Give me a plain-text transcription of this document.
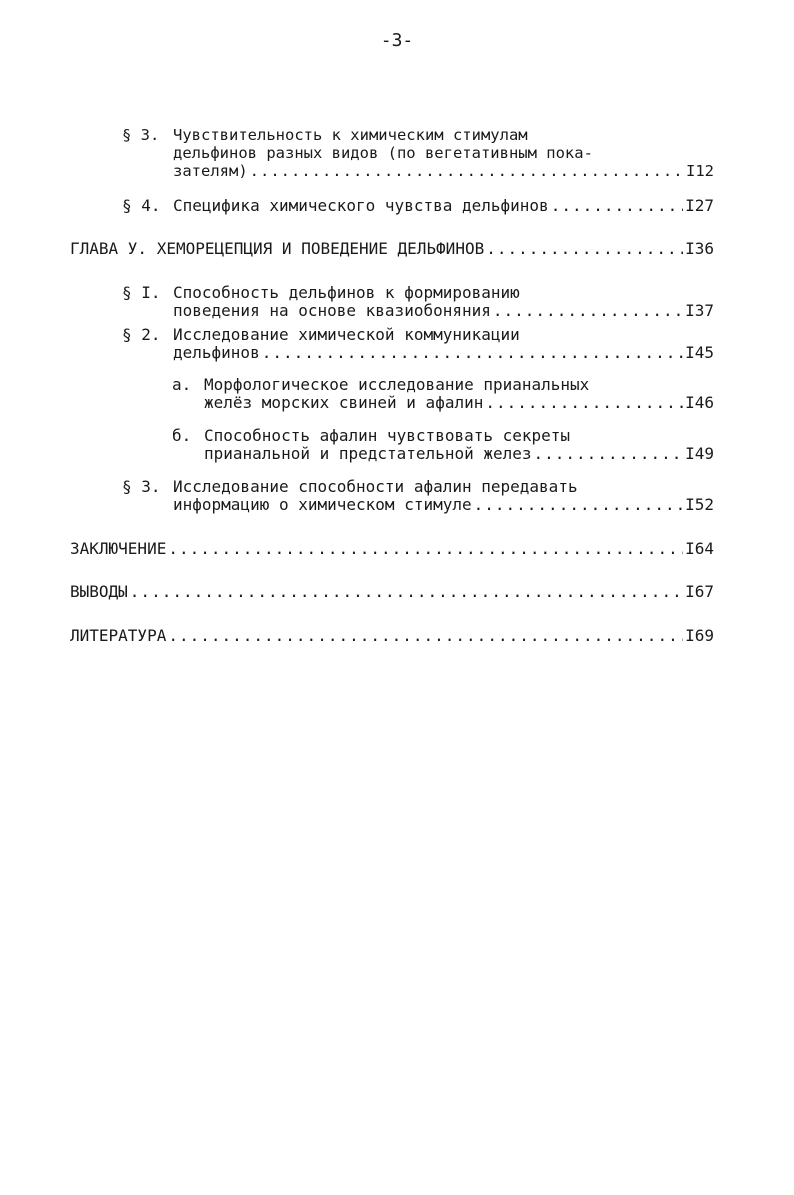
-3-
§ 3. Чувствительность к химическим стимулам
дельфинов разных видов (по вегетативным пока-
зателям) .....	I12
§ 4. Специфика химического чувства дельфинов .....	I27
ГЛАВА У. ХЕМОРЕЦЕПЦИЯ И ПОВЕДЕНИЕ ДЕЛЬФИНОВ .....	I36
§ I. Способность дельфинов к формированию
поведения на основе квазиобоняния .....	I37
§ 2. Исследование химической коммуникации
дельфинов .....	I45
а. Морфологическое исследование прианальных
желёз морских свиней и афалин .....	I46
б. Способность афалин чувствовать секреты
прианальной и предстательной желез .....	I49
§ 3. Исследование способности афалин передавать
информацию о химическом стимуле .....	I52
ЗАКЛЮЧЕНИЕ .....	I64
ВЫВОДЫ .....	I67
ЛИТЕРАТУРА .....	I69
